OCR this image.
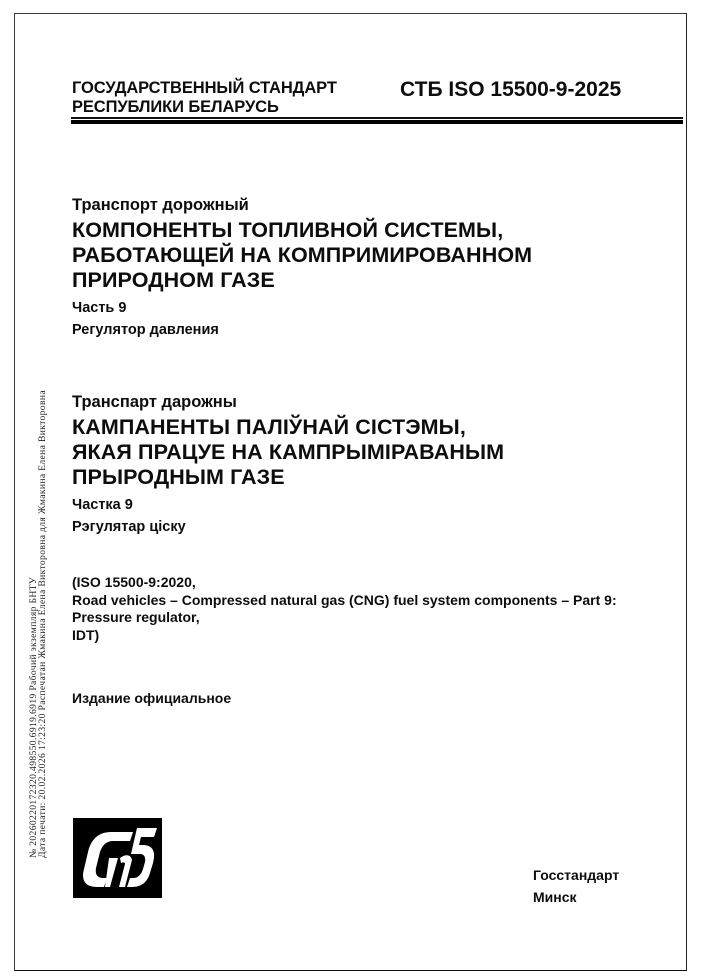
ГОСУДАРСТВЕННЫЙ СТАНДАРТ
РЕСПУБЛИКИ БЕЛАРУСЬ
СТБ ISO 15500-9-2025
Транспорт дорожный
КОМПОНЕНТЫ ТОПЛИВНОЙ СИСТЕМЫ,
РАБОТАЮЩЕЙ НА КОМПРИМИРОВАННОМ
ПРИРОДНОМ ГАЗЕ
Часть 9
Регулятор давления
Транспарт дарожны
КАМПАНЕНТЫ ПАЛІЎНАЙ СІСТЭМЫ,
ЯКАЯ ПРАЦУЕ НА КАМПРЫМІРАВАНЫМ
ПРЫРОДНЫМ ГАЗЕ
Частка 9
Рэгулятар ціску
(ISO 15500-9:2020,
Road vehicles – Compressed natural gas (CNG) fuel system components – Part 9:
Pressure regulator,
IDT)
Издание официальное
Госстандарт
Минск
№ 20260220172320.498550.6919.6919 Рабочий экземпляр БНТУ
Дата печати: 20.02.2026 17:23:20 Распечатан Жмакина Елена Викторовна для Жмакина Елена Викторовна
